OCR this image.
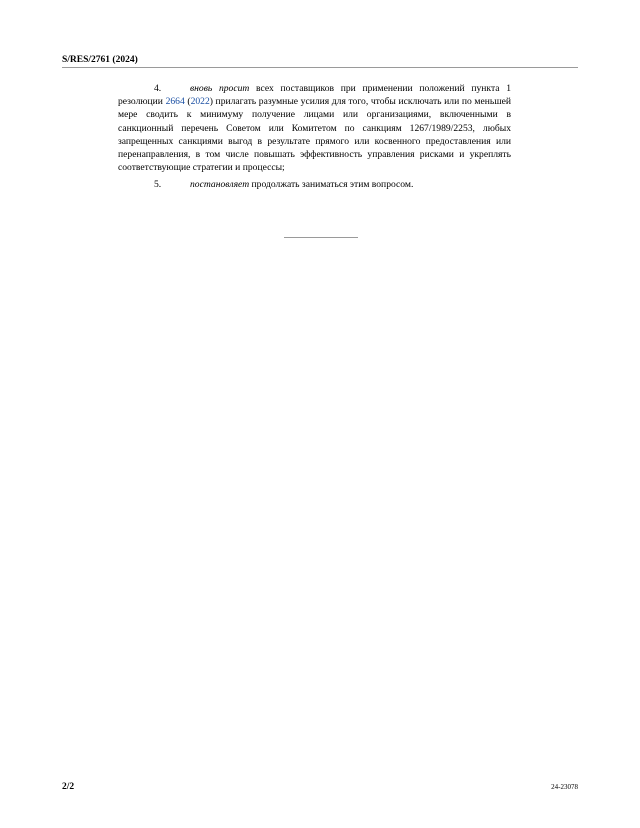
S/RES/2761 (2024)

4.	вновь просит всех поставщиков при применении положений пункта 1 резолюции 2664 (2022) прилагать разумные усилия для того, чтобы исключать или по меньшей мере сводить к минимуму получение лицами или организациями, включенными в санкционный перечень Советом или Комитетом по санкциям 1267/1989/2253, любых запрещенных санкциями выгод в результате прямого или косвенного предоставления или перенаправления, в том числе повышать эффективность управления рисками и укреплять соответствующие стратегии и процессы;

5.	постановляет продолжать заниматься этим вопросом.

2/2	24-23078
